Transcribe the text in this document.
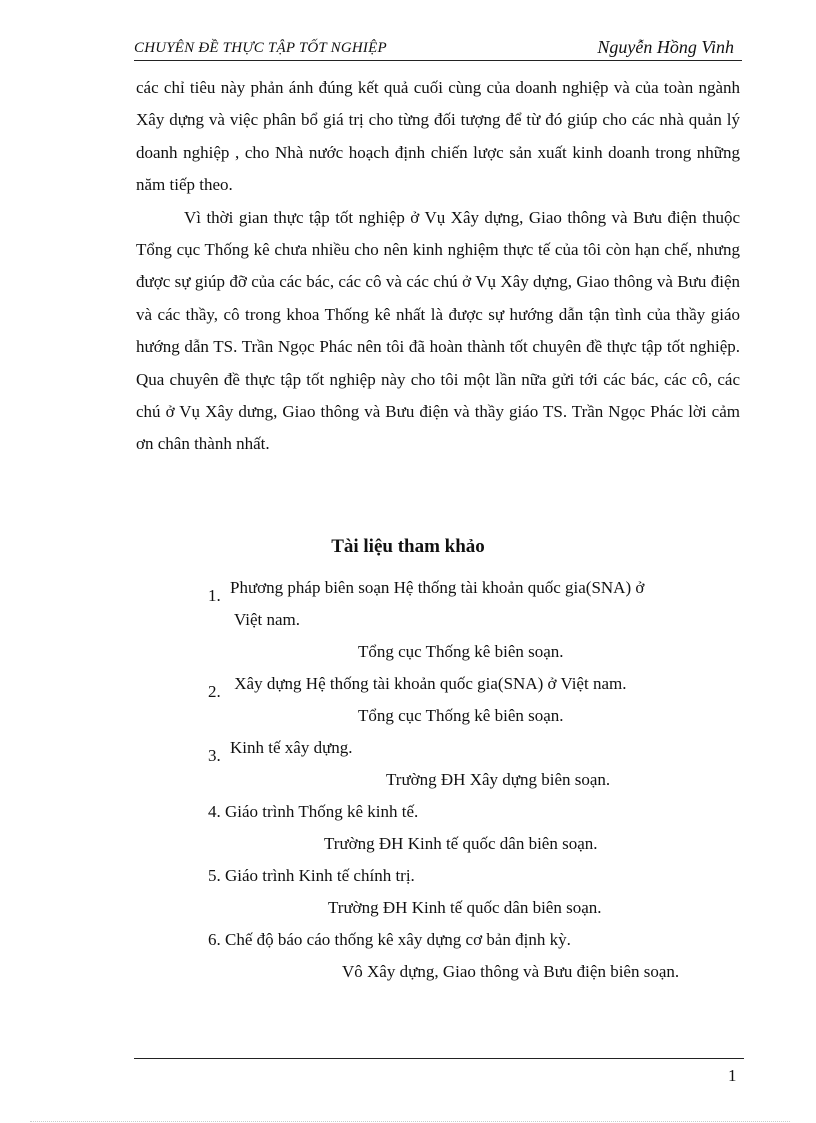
CHUYÊN ĐỀ THỰC TẬP TỐT NGHIỆP	Nguyễn Hồng Vinh

các chỉ tiêu này phản ánh đúng kết quả cuối cùng của doanh nghiệp và của toàn ngành Xây dựng và việc phân bổ giá trị cho từng đối tượng để từ đó giúp cho các nhà quản lý doanh nghiệp , cho Nhà nước hoạch định chiến lược sản xuất kinh doanh trong những năm tiếp theo.

Vì thời gian thực tập tốt nghiệp ở Vụ Xây dựng, Giao thông và Bưu điện thuộc Tổng cục Thống kê chưa nhiều cho nên kinh nghiệm thực tế của tôi còn hạn chế, nhưng được sự giúp đỡ của các bác, các cô và các chú ở Vụ Xây dựng, Giao thông và Bưu điện và các thầy, cô trong khoa Thống kê nhất là được sự hướng dẫn tận tình của thầy giáo hướng dẫn TS. Trần Ngọc Phác nên tôi đã hoàn thành tốt chuyên đề thực tập tốt nghiệp. Qua chuyên đề thực tập tốt nghiệp này cho tôi một lần nữa gửi tới các bác, các cô, các chú ở Vụ Xây dưng, Giao thông và Bưu điện và thầy giáo TS. Trần Ngọc Phác lời cảm ơn chân thành nhất.

Tài liệu tham khảo
1. Phương pháp biên soạn Hệ thống tài khoản quốc gia(SNA) ở
Việt nam.
Tổng cục Thống kê biên soạn.
2. Xây dựng Hệ thống tài khoản quốc gia(SNA) ở Việt nam.
Tổng cục Thống kê biên soạn.
3. Kinh tế xây dựng.
Trường ĐH Xây dựng biên soạn.
4. Giáo trình Thống kê kinh tế.
Trường ĐH Kinh tế quốc dân biên soạn.
5. Giáo trình Kinh tế chính trị.
Trường ĐH Kinh tế quốc dân biên soạn.
6. Chế độ báo cáo thống kê xây dựng cơ bản định kỳ.
Vô Xây dựng, Giao thông và Bưu điện biên soạn.
1
